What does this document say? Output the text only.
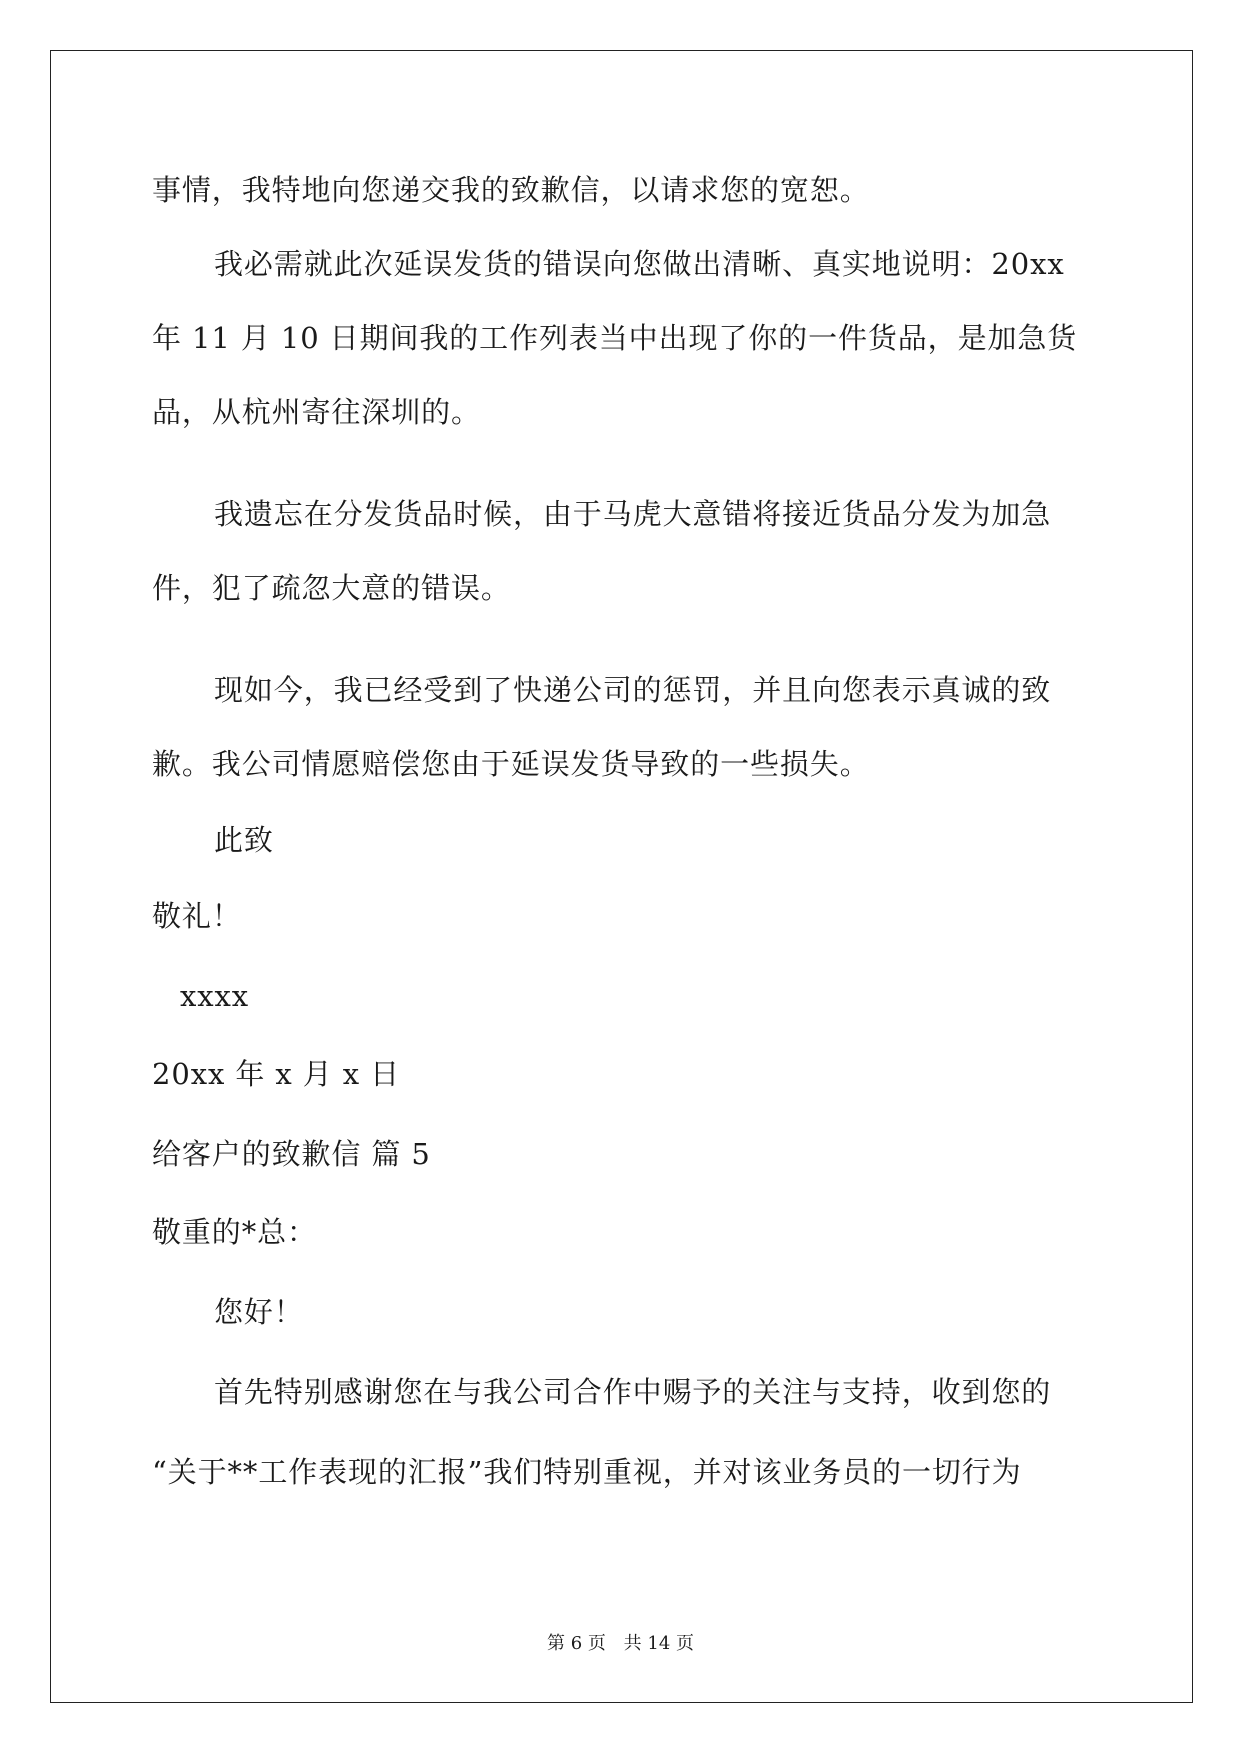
事情，我特地向您递交我的致歉信，以请求您的宽恕。
我必需就此次延误发货的错误向您做出清晰、真实地说明：20xx
年 11 月 10 日期间我的工作列表当中出现了你的一件货品，是加急货
品，从杭州寄往深圳的。
我遗忘在分发货品时候，由于马虎大意错将接近货品分发为加急
件，犯了疏忽大意的错误。
现如今，我已经受到了快递公司的惩罚，并且向您表示真诚的致
歉。我公司情愿赔偿您由于延误发货导致的一些损失。
此致
敬礼！
xxxx
20xx 年 x 月 x 日
给客户的致歉信 篇 5
敬重的*总：
您好！
首先特别感谢您在与我公司合作中赐予的关注与支持，收到您的
“关于**工作表现的汇报”我们特别重视，并对该业务员的一切行为
第 6 页 共 14 页
